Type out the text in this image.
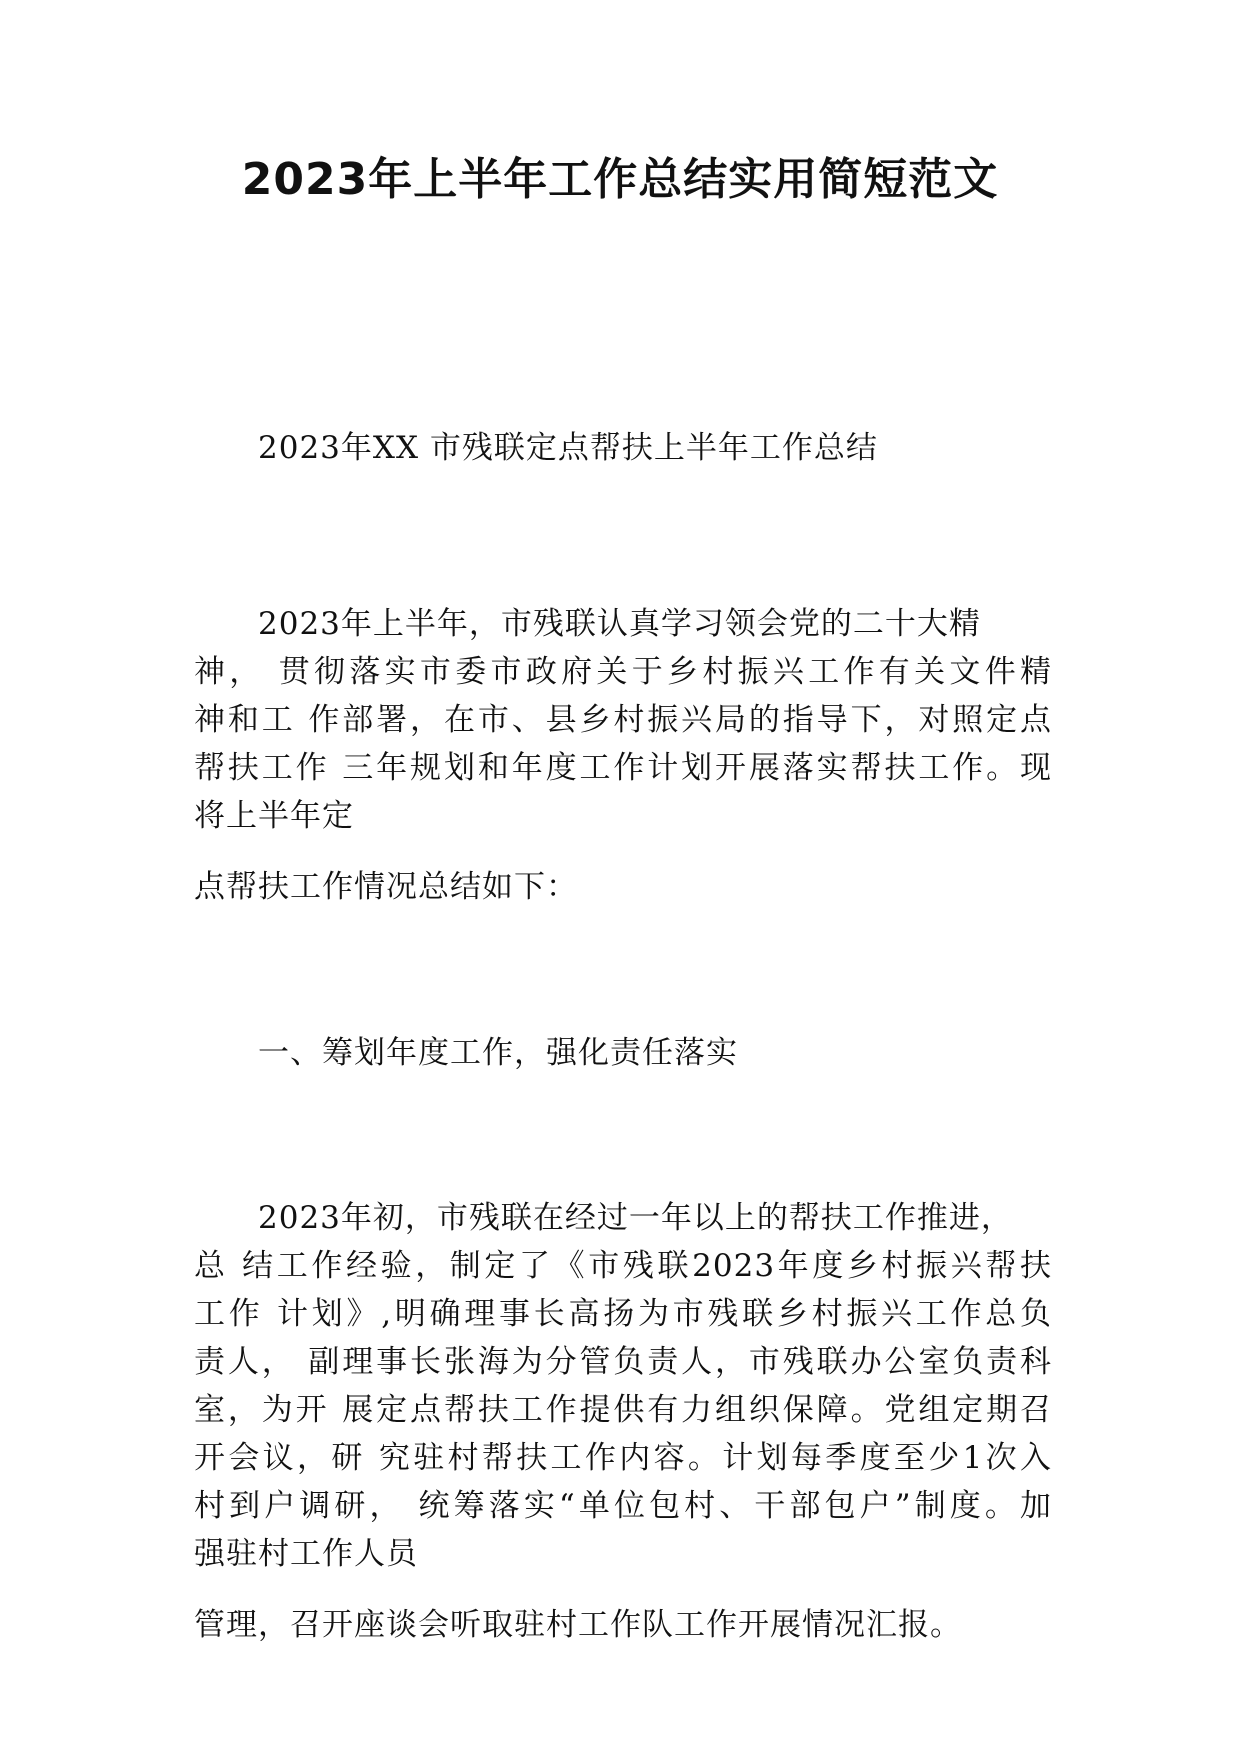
2023年上半年工作总结实用简短范文

2023年XX 市残联定点帮扶上半年工作总结

2023年上半年，市残联认真学习领会党的二十大精

神， 贯彻落实市委市政府关于乡村振兴工作有关文件精

神和工 作部署，在市、县乡村振兴局的指导下，对照定点

帮扶工作 三年规划和年度工作计划开展落实帮扶工作。现

将上半年定

点帮扶工作情况总结如下：

一、筹划年度工作，强化责任落实

2023年初，市残联在经过一年以上的帮扶工作推进，

总 结工作经验，制定了《市残联2023年度乡村振兴帮扶

工作 计划》,明确理事长高扬为市残联乡村振兴工作总负

责人， 副理事长张海为分管负责人，市残联办公室负责科

室，为开 展定点帮扶工作提供有力组织保障。党组定期召

开会议，研 究驻村帮扶工作内容。计划每季度至少1次入

村到户调研， 统筹落实“单位包村、干部包户”制度。加

强驻村工作人员

管理，召开座谈会听取驻村工作队工作开展情况汇报。
